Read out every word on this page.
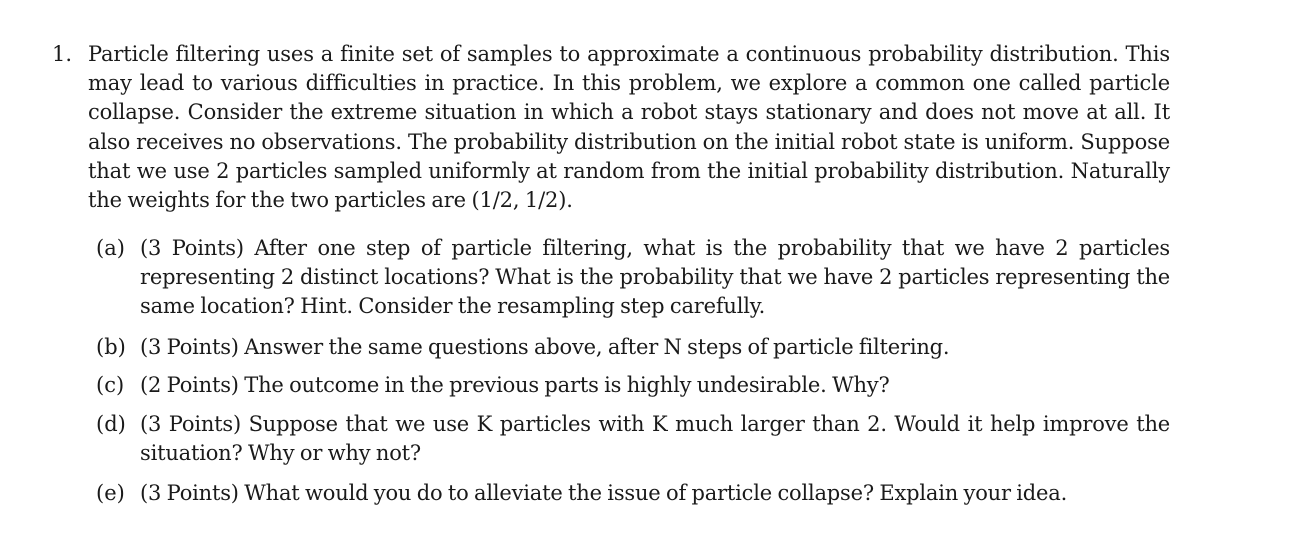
1. Particle filtering uses a finite set of samples to approximate a continuous probability distribution. This may lead to various difficulties in practice. In this problem, we explore a common one called particle collapse. Consider the extreme situation in which a robot stays stationary and does not move at all. It also receives no observations. The probability distribution on the initial robot state is uniform. Suppose that we use 2 particles sampled uniformly at random from the initial probability distribution. Naturally the weights for the two particles are (1/2, 1/2).
(a) (3 Points) After one step of particle filtering, what is the probability that we have 2 particles representing 2 distinct locations? What is the probability that we have 2 particles representing the same location? Hint. Consider the resampling step carefully.
(b) (3 Points) Answer the same questions above, after N steps of particle filtering.
(c) (2 Points) The outcome in the previous parts is highly undesirable. Why?
(d) (3 Points) Suppose that we use K particles with K much larger than 2. Would it help improve the situation? Why or why not?
(e) (3 Points) What would you do to alleviate the issue of particle collapse? Explain your idea.
